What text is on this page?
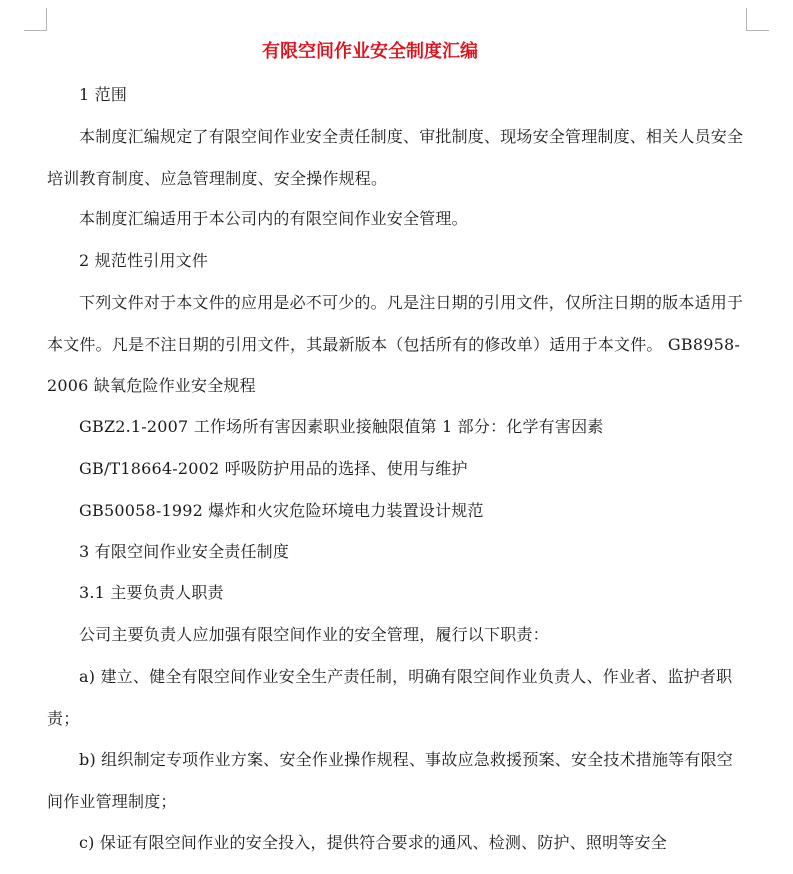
有限空间作业安全制度汇编

1 范围

本制度汇编规定了有限空间作业安全责任制度、审批制度、现场安全管理制度、相关人员安全培训教育制度、应急管理制度、安全操作规程。

本制度汇编适用于本公司内的有限空间作业安全管理。

2 规范性引用文件

下列文件对于本文件的应用是必不可少的。凡是注日期的引用文件，仅所注日期的版本适用于本文件。凡是不注日期的引用文件，其最新版本（包括所有的修改单）适用于本文件。 GB8958-2006 缺氧危险作业安全规程

GBZ2.1-2007 工作场所有害因素职业接触限值第 1 部分：化学有害因素

GB/T18664-2002 呼吸防护用品的选择、使用与维护

GB50058-1992 爆炸和火灾危险环境电力装置设计规范

3 有限空间作业安全责任制度

3.1 主要负责人职责

公司主要负责人应加强有限空间作业的安全管理，履行以下职责：

a) 建立、健全有限空间作业安全生产责任制，明确有限空间作业负责人、作业者、监护者职责；

b) 组织制定专项作业方案、安全作业操作规程、事故应急救援预案、安全技术措施等有限空间作业管理制度；

c) 保证有限空间作业的安全投入，提供符合要求的通风、检测、防护、照明等安全
